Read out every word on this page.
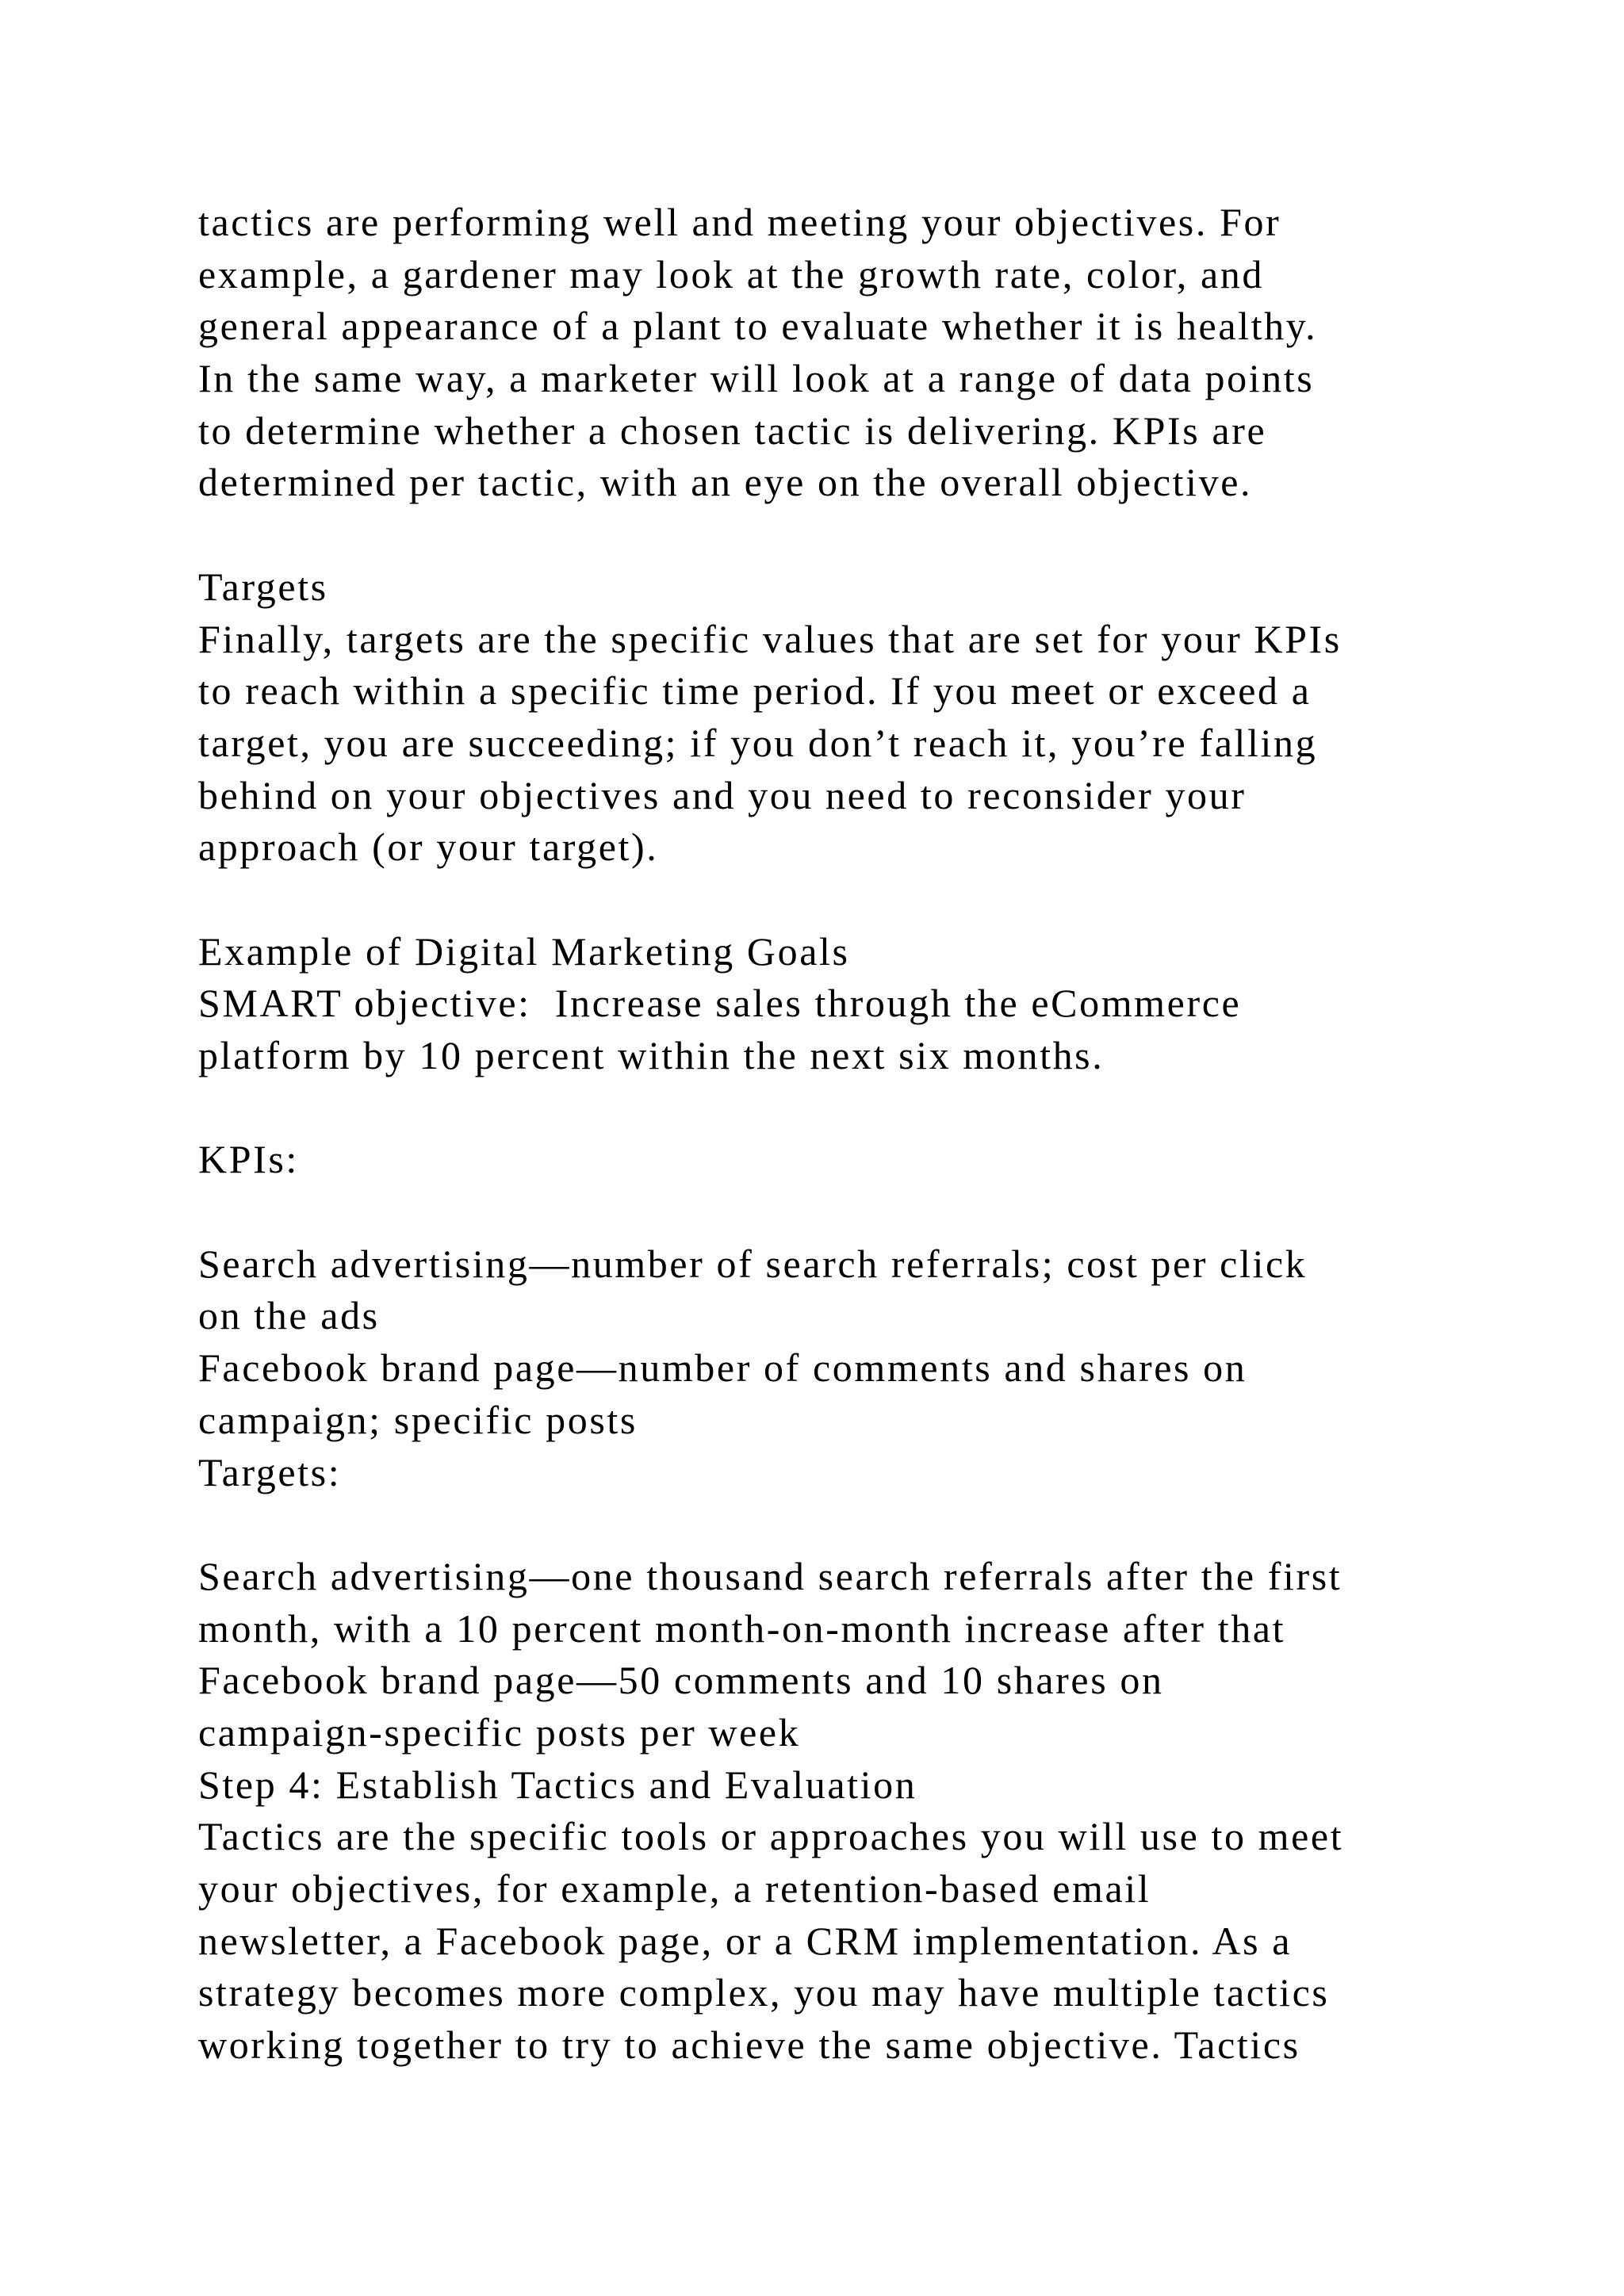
tactics are performing well and meeting your objectives. For
example, a gardener may look at the growth rate, color, and
general appearance of a plant to evaluate whether it is healthy.
In the same way, a marketer will look at a range of data points
to determine whether a chosen tactic is delivering. KPIs are
determined per tactic, with an eye on the overall objective.
Targets
Finally, targets are the specific values that are set for your KPIs
to reach within a specific time period. If you meet or exceed a
target, you are succeeding; if you don’t reach it, you’re falling
behind on your objectives and you need to reconsider your
approach (or your target).
Example of Digital Marketing Goals
SMART objective:  Increase sales through the eCommerce
platform by 10 percent within the next six months.
KPIs:
Search advertising—number of search referrals; cost per click
on the ads
Facebook brand page—number of comments and shares on
campaign; specific posts
Targets:
Search advertising—one thousand search referrals after the first
month, with a 10 percent month-on-month increase after that
Facebook brand page—50 comments and 10 shares on
campaign-specific posts per week
Step 4: Establish Tactics and Evaluation
Tactics are the specific tools or approaches you will use to meet
your objectives, for example, a retention-based email
newsletter, a Facebook page, or a CRM implementation. As a
strategy becomes more complex, you may have multiple tactics
working together to try to achieve the same objective. Tactics
